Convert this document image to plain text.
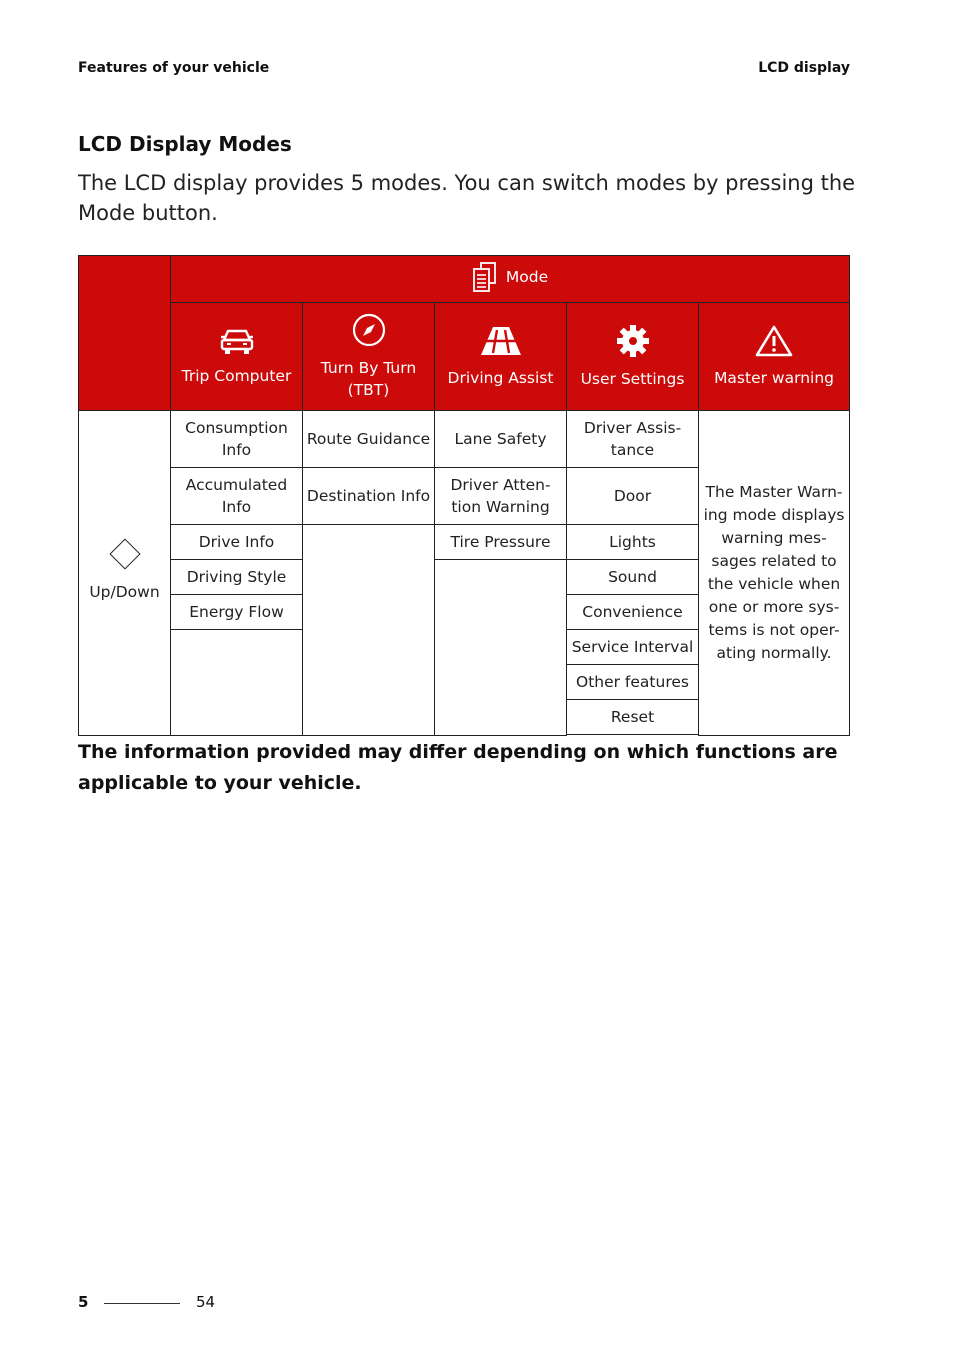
Features of your vehicle	LCD display
LCD Display Modes
The LCD display provides 5 modes. You can switch modes by pressing the Mode button.

	Mode				

	Trip Computer	Turn By Turn (TBT)	Driving Assist	User Settings	Master warning

Up/Down	Consumption Info	Route Guidance	Lane Safety	Driver Assis- tance	The Master Warn- ing mode displays warning mes- sages related to the vehicle when one or more sys- tems is not oper- ating normally.
	Accumulated Info	Destination Info	Driver Atten- tion Warning	Door	
	Drive Info		Tire Pressure	Lights	
	Driving Style			Sound	
	Energy Flow			Convenience	
				Service Interval	
				Other features	
				Reset	

The information provided may differ depending on which functions are applicable to your vehicle.
5	54
